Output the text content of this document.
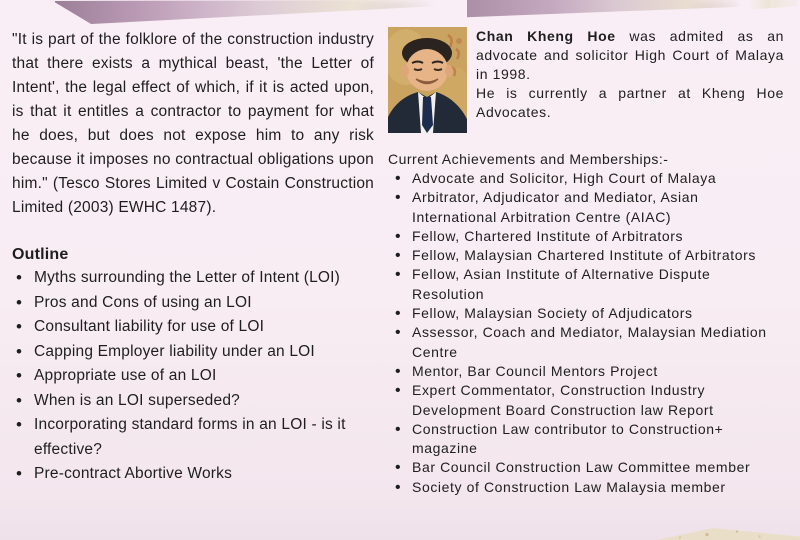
"It is part of the folklore of the construction industry that there exists a mythical beast, 'the Letter of Intent', the legal effect of which, if it is acted upon, is that it entitles a contractor to payment for what he does, but does not expose him to any risk because it imposes no contractual obligations upon him." (Tesco Stores Limited v Costain Construction Limited (2003) EWHC 1487).

Outline
• Myths surrounding the Letter of Intent (LOI)
• Pros and Cons of using an LOI
• Consultant liability for use of LOI
• Capping Employer liability under an LOI
• Appropriate use of an LOI
• When is an LOI superseded?
• Incorporating standard forms in an LOI - is it effective?
• Pre-contract Abortive Works

Chan Kheng Hoe was admited as an advocate and solicitor High Court of Malaya in 1998.

He is currently a partner at Kheng Hoe Advocates.

Current Achievements and Memberships:-

• Advocate and Solicitor, High Court of Malaya
• Arbitrator, Adjudicator and Mediator, Asian International Arbitration Centre (AIAC)
• Fellow, Chartered Institute of Arbitrators
• Fellow, Malaysian Chartered Institute of Arbitrators
• Fellow, Asian Institute of Alternative Dispute Resolution
• Fellow, Malaysian Society of Adjudicators
• Assessor, Coach and Mediator, Malaysian Mediation Centre
• Mentor, Bar Council Mentors Project
• Expert Commentator, Construction Industry Development Board Construction law Report
• Construction Law contributor to Construction+ magazine
• Bar Council Construction Law Committee member
• Society of Construction Law Malaysia member
